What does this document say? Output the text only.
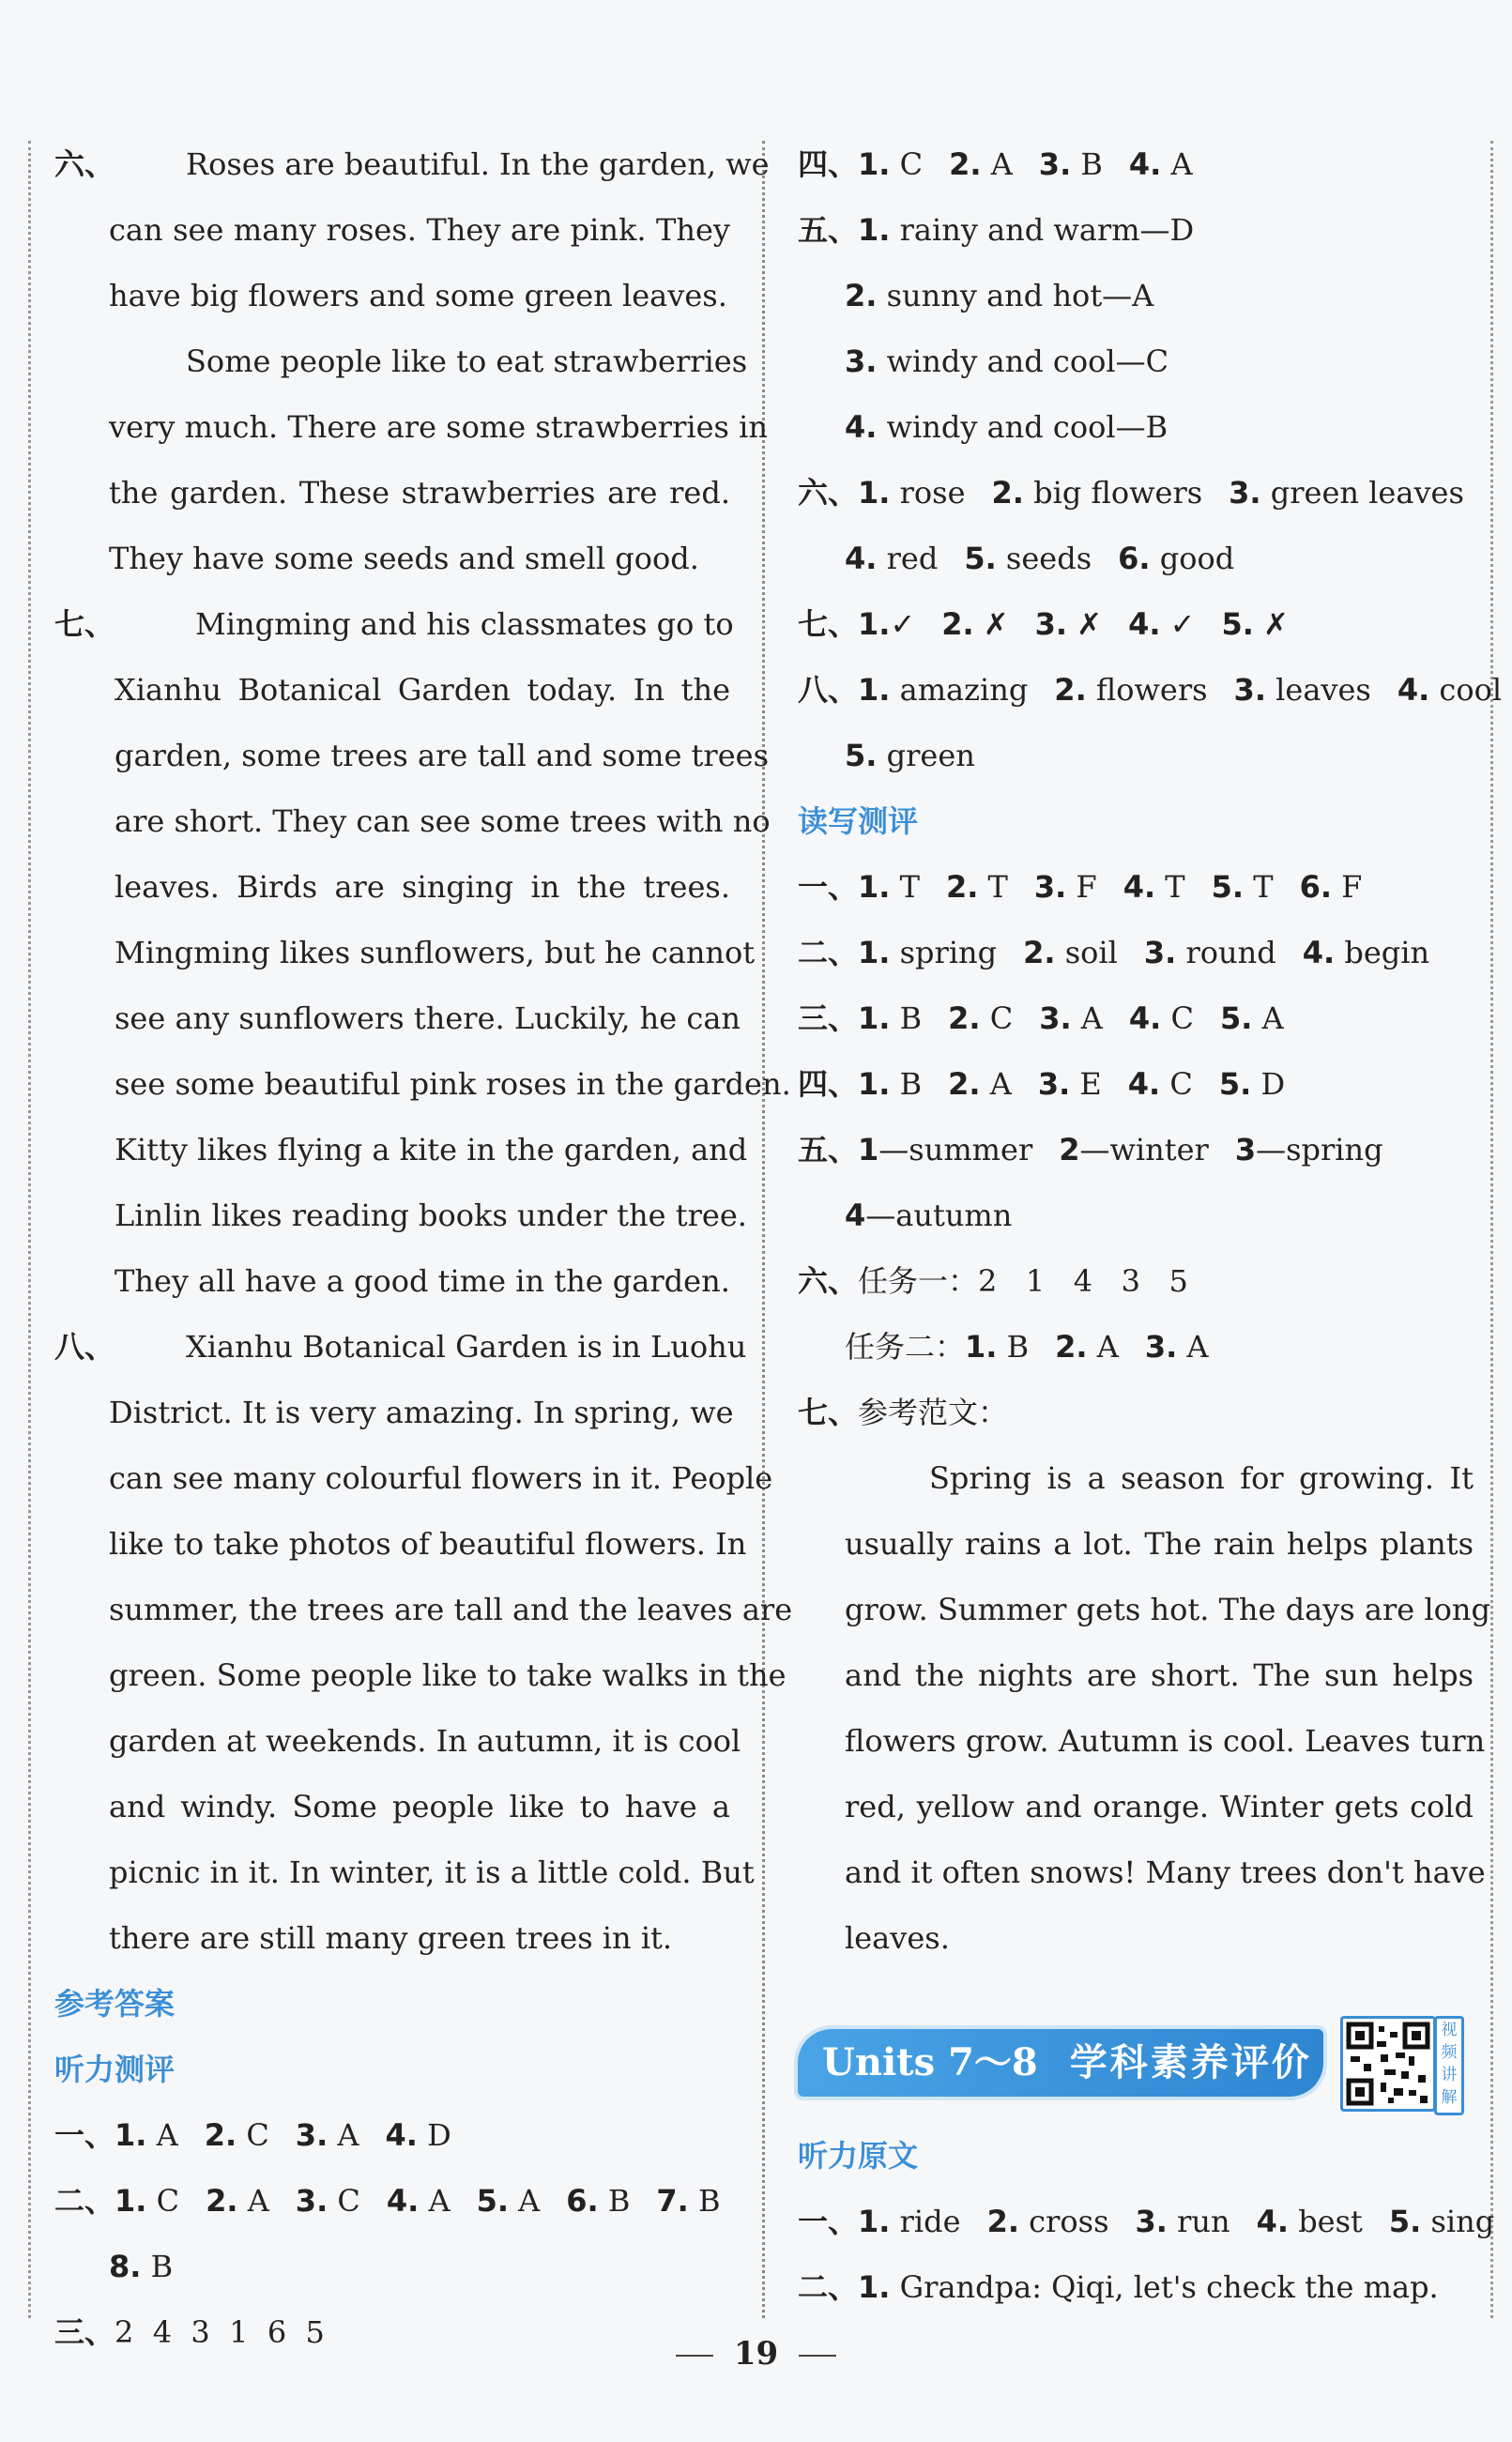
六、 Roses are beautiful. In the garden, we
can see many roses. They are pink. They
have big flowers and some green leaves.
Some people like to eat strawberries
very much. There are some strawberries in
the garden. These strawberries are red.
They have some seeds and smell good.
七、	Mingming and his classmates go to
Xianhu Botanical Garden today. In the
garden, some trees are tall and some trees
are short. They can see some trees with no
leaves. Birds are singing in the trees.
Mingming likes sunflowers, but he cannot
see any sunflowers there. Luckily, he can
see some beautiful pink roses in the garden.
Kitty likes flying a kite in the garden, and
Linlin likes reading books under the tree.
They all have a good time in the garden.
八、 Xianhu Botanical Garden is in Luohu
District. It is very amazing. In spring, we
can see many colourful flowers in it. People
like to take photos of beautiful flowers. In
summer, the trees are tall and the leaves are
green. Some people like to take walks in the
garden at weekends. In autumn, it is cool
and windy. Some people like to have a
picnic in it. In winter, it is a little cold. But
there are still many green trees in it.
参考答案
听力测评
一、1. A 2. C 3. A 4. D
二、1. C 2. A 3. C 4. A 5. A 6. B 7. B
8. B
三、2  4  3  1  6  5
四、1. C 2. A 3. B 4. A
五、1. rainy and warm—D
2. sunny and hot—A
3. windy and cool—C
4. windy and cool—B
六、1. rose 2. big flowers 3. green leaves
4. red 5. seeds 6. good
七、1.✓ 2. ✗ 3. ✗ 4. ✓ 5. ✗
八、1. amazing 2. flowers 3. leaves 4. cool
5. green
读写测评
一、1. T 2. T 3. F 4. T 5. T 6. F
二、1. spring 2. soil 3. round 4. begin
三、1. B 2. C 3. A 4. C 5. A
四、1. B 2. A 3. E 4. C 5. D
五、1—summer 2—winter 3—spring
4—autumn
六、任务一：2   1   4   3   5
任务二：1. B 2. A 3. A
七、参考范文：
Spring is a season for growing. It
usually rains a lot. The rain helps plants
grow. Summer gets hot. The days are long
and the nights are short. The sun helps
flowers grow. Autumn is cool. Leaves turn
red, yellow and orange. Winter gets cold
and it often snows! Many trees don't have
leaves.
Units 7～8 学科素养评价
视频讲解
听力原文
一、1. ride 2. cross 3. run 4. best 5. sing
二、1. Grandpa: Qiqi, let's check the map.
19
